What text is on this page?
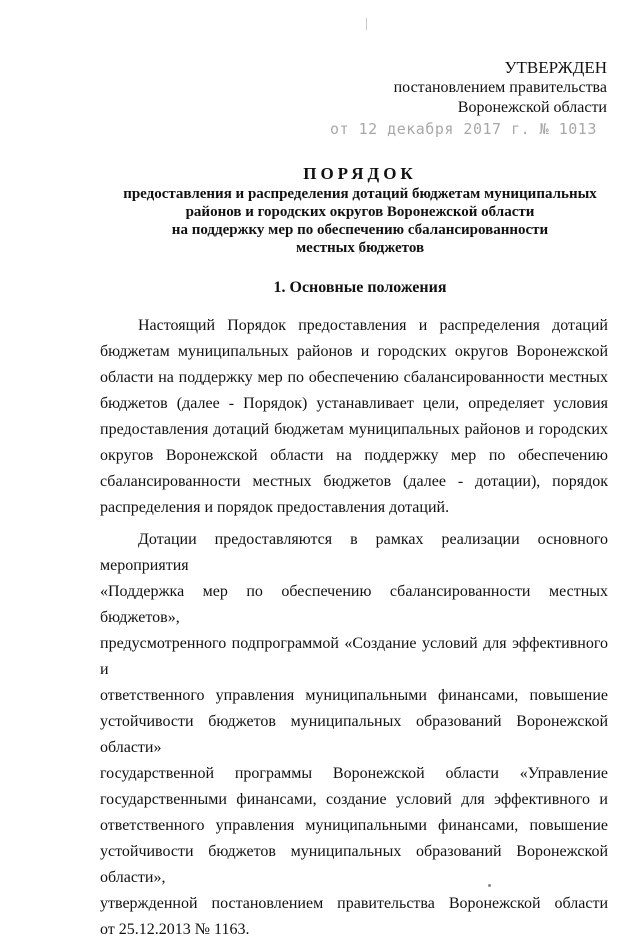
УТВЕРЖДЕН
постановлением правительства
Воронежской области
от 12 декабря 2017 г. № 1013
ПОРЯДОК
предоставления и распределения дотаций бюджетам муниципальных
районов и городских округов Воронежской области
на поддержку мер по обеспечению сбалансированности
местных бюджетов
1. Основные положения

Настоящий Порядок предоставления и распределения дотаций

бюджетам муниципальных районов и городских округов Воронежской

области на поддержку мер по обеспечению сбалансированности местных

бюджетов (далее - Порядок) устанавливает цели, определяет условия

предоставления дотаций бюджетам муниципальных районов и городских

округов Воронежской области на поддержку мер по обеспечению

сбалансированности местных бюджетов (далее - дотации), порядок

распределения и порядок предоставления дотаций.

Дотации предоставляются в рамках реализации основного мероприятия

«Поддержка мер по обеспечению сбалансированности местных бюджетов»,

предусмотренного подпрограммой «Создание условий для эффективного и

ответственного управления муниципальными финансами, повышение

устойчивости бюджетов муниципальных образований Воронежской области»

государственной программы Воронежской области «Управление

государственными финансами, создание условий для эффективного и

ответственного управления муниципальными финансами, повышение

устойчивости бюджетов муниципальных образований Воронежской области»,

утвержденной постановлением правительства Воронежской области

от 25.12.2013 № 1163.
